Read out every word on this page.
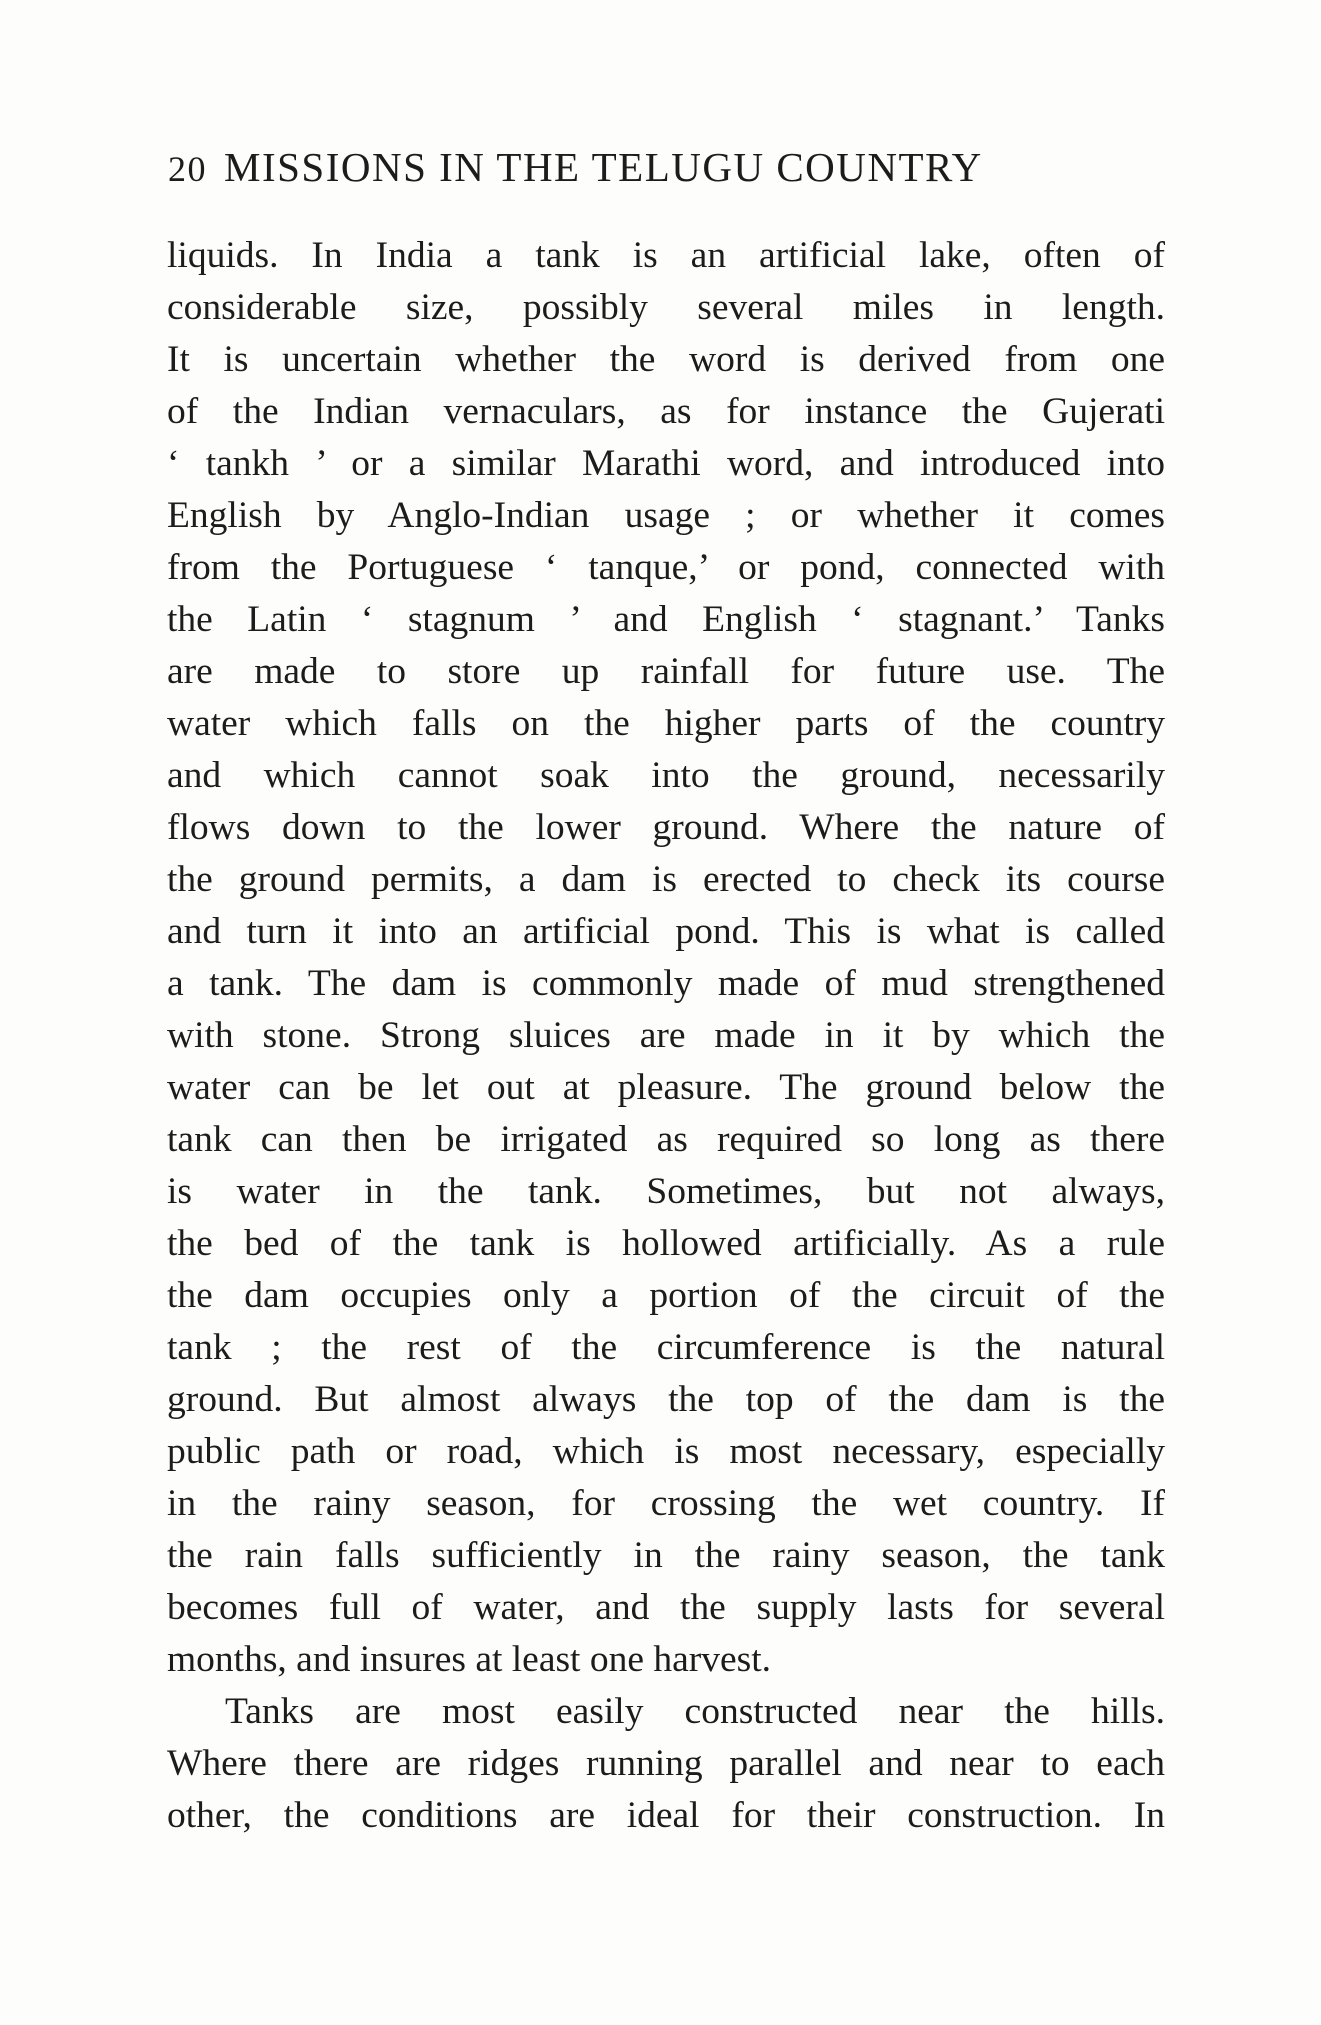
20 MISSIONS IN THE TELUGU COUNTRY
liquids. In India a tank is an artificial lake, often of
considerable size, possibly several miles in length.
It is uncertain whether the word is derived from one
of the Indian vernaculars, as for instance the Gujerati
‘ tankh ’ or a similar Marathi word, and introduced into
English by Anglo-Indian usage ; or whether it comes
from the Portuguese ‘ tanque,’ or pond, connected with
the Latin ‘ stagnum ’ and English ‘ stagnant.’ Tanks
are made to store up rainfall for future use. The
water which falls on the higher parts of the country
and which cannot soak into the ground, necessarily
flows down to the lower ground. Where the nature of
the ground permits, a dam is erected to check its course
and turn it into an artificial pond. This is what is called
a tank. The dam is commonly made of mud strengthened
with stone. Strong sluices are made in it by which the
water can be let out at pleasure. The ground below the
tank can then be irrigated as required so long as there
is water in the tank. Sometimes, but not always,
the bed of the tank is hollowed artificially. As a rule
the dam occupies only a portion of the circuit of the
tank ; the rest of the circumference is the natural
ground. But almost always the top of the dam is the
public path or road, which is most necessary, especially
in the rainy season, for crossing the wet country. If
the rain falls sufficiently in the rainy season, the tank
becomes full of water, and the supply lasts for several
months, and insures at least one harvest.
Tanks are most easily constructed near the hills.
Where there are ridges running parallel and near to each
other, the conditions are ideal for their construction. In
